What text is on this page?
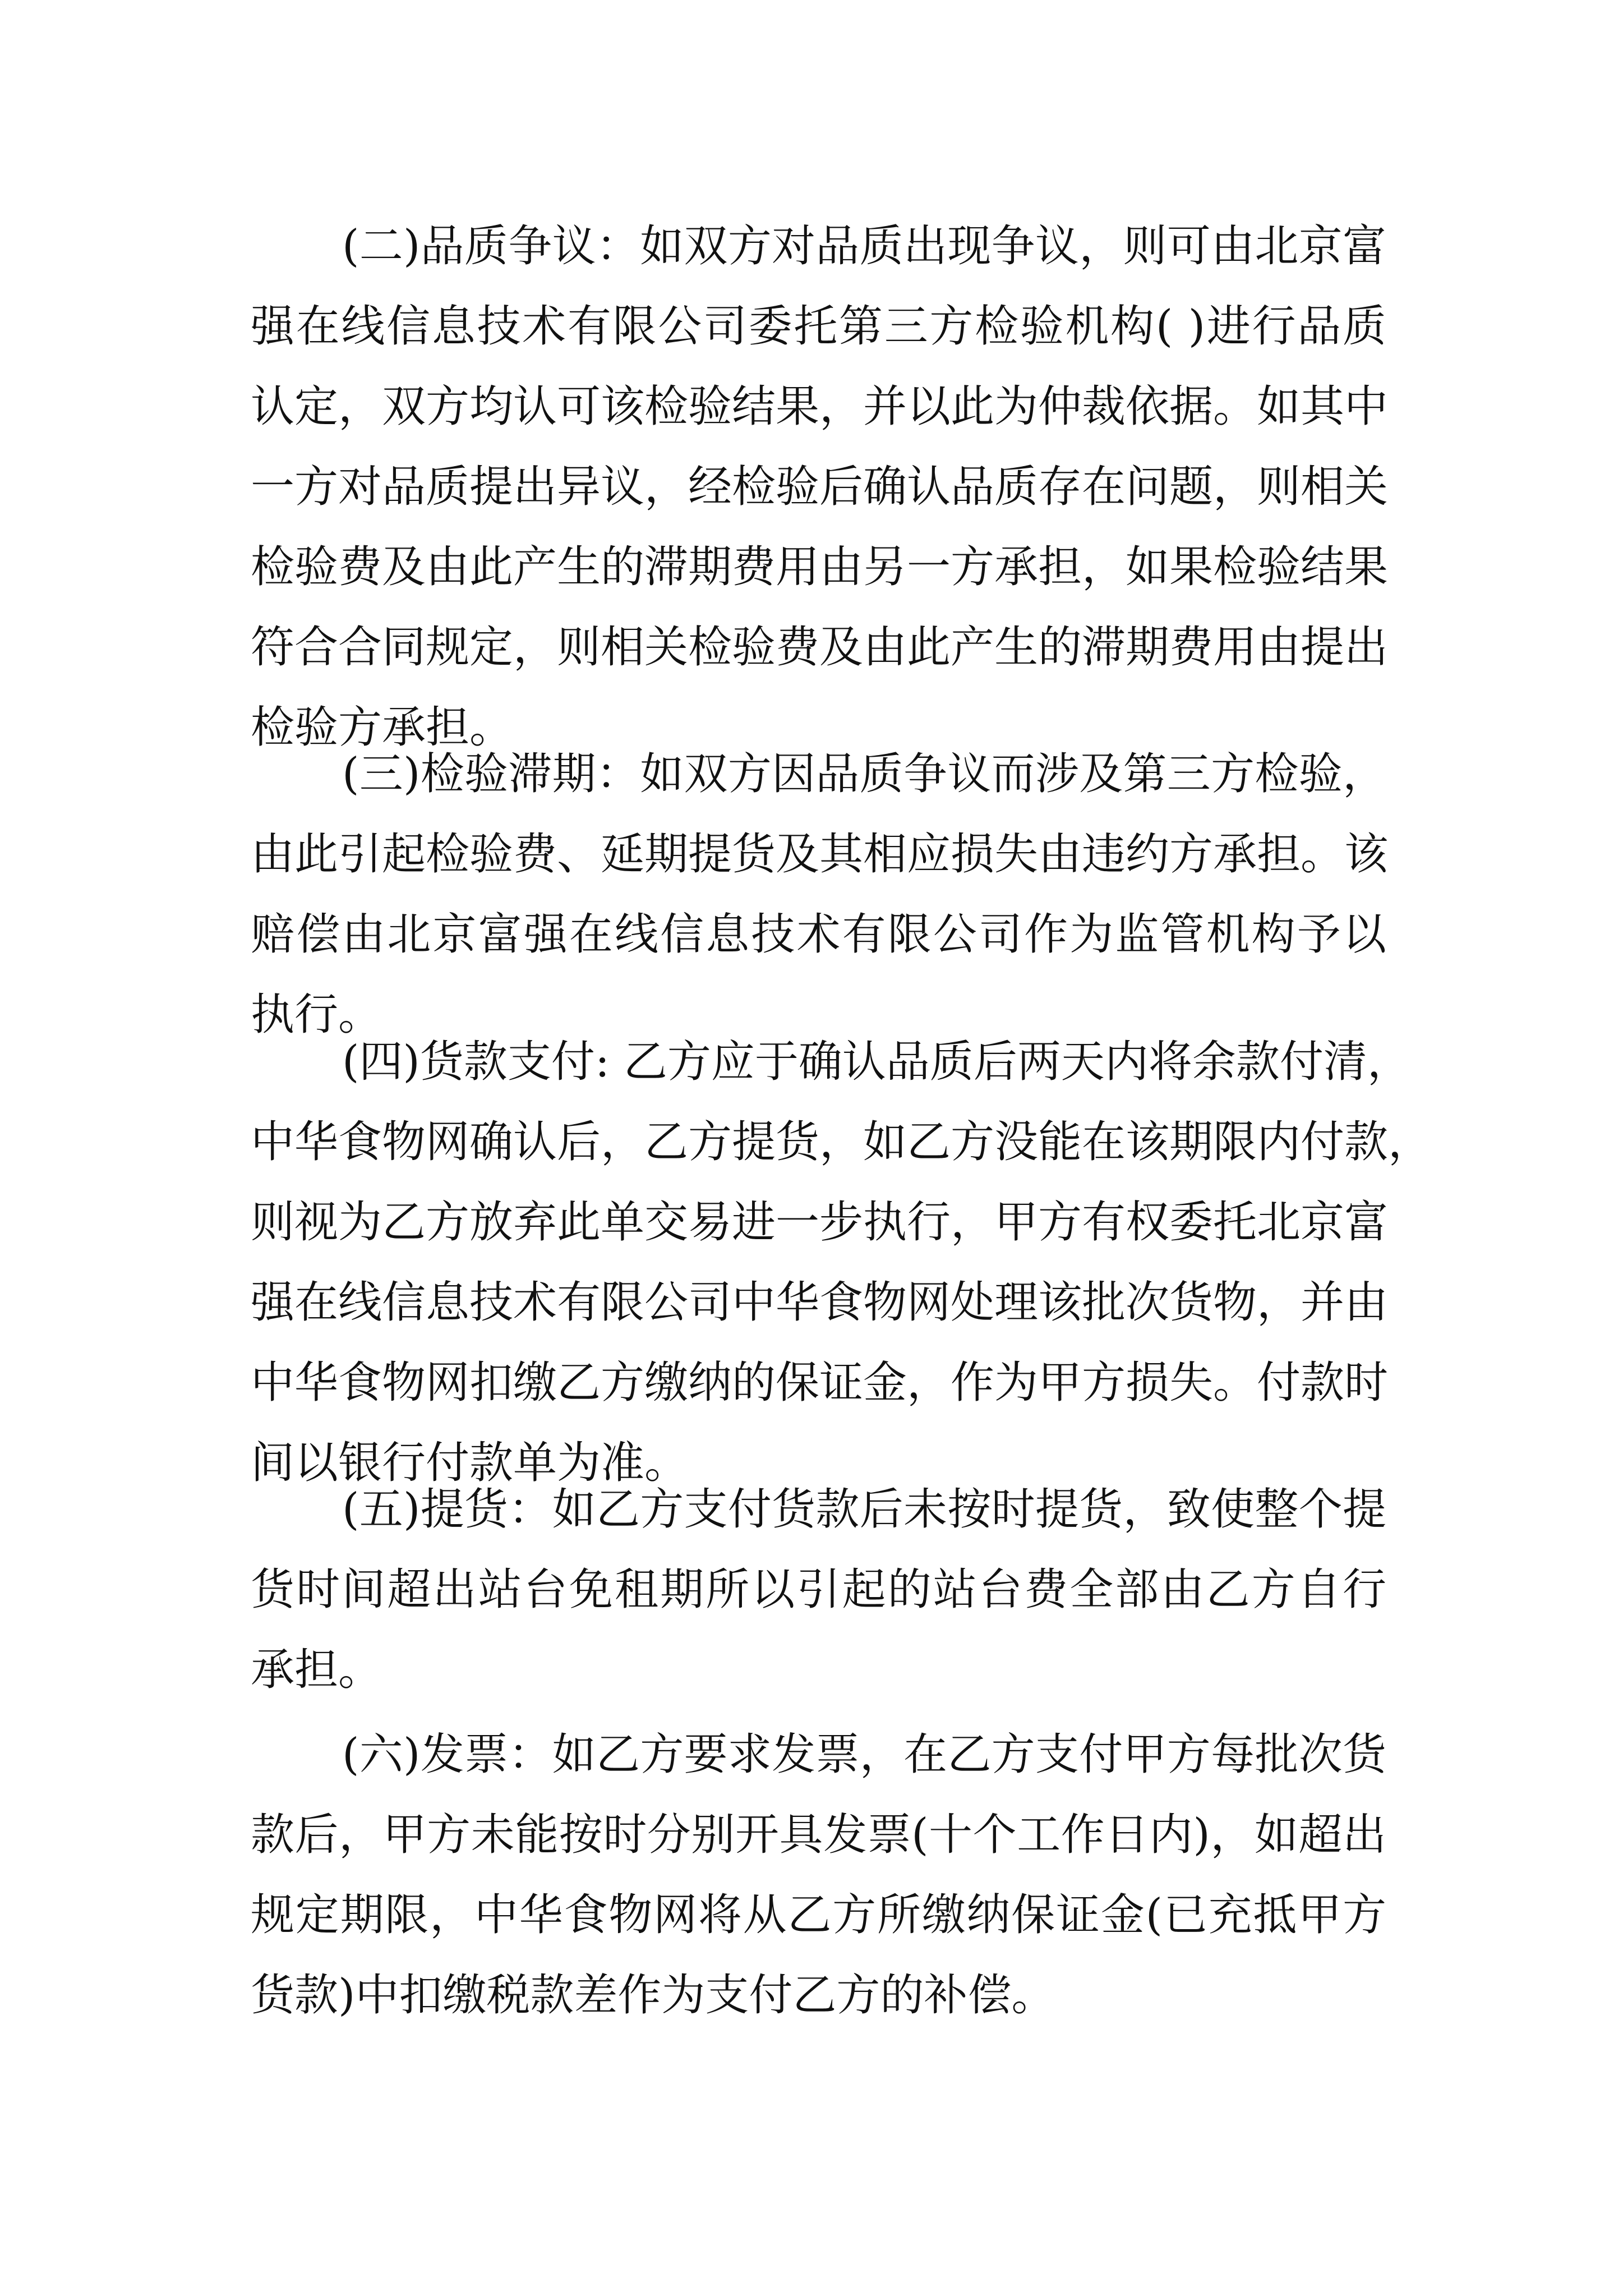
(二)品质争议：如双方对品质出现争议，则可由北京富
强在线信息技术有限公司委托第三方检验机构( )进行品质
认定，双方均认可该检验结果，并以此为仲裁依据。如其中
一方对品质提出异议，经检验后确认品质存在问题，则相关
检验费及由此产生的滞期费用由另一方承担，如果检验结果
符合合同规定，则相关检验费及由此产生的滞期费用由提出
检验方承担。
(三)检验滞期：如双方因品质争议而涉及第三方检验，
由此引起检验费、延期提货及其相应损失由违约方承担。该
赔偿由北京富强在线信息技术有限公司作为监管机构予以
执行。
(四)货款支付: 乙方应于确认品质后两天内将余款付清，
中华食物网确认后，乙方提货，如乙方没能在该期限内付款，
则视为乙方放弃此单交易进一步执行，甲方有权委托北京富
强在线信息技术有限公司中华食物网处理该批次货物，并由
中华食物网扣缴乙方缴纳的保证金，作为甲方损失。付款时
间以银行付款单为准。
(五)提货：如乙方支付货款后未按时提货，致使整个提
货时间超出站台免租期所以引起的站台费全部由乙方自行
承担。
(六)发票：如乙方要求发票，在乙方支付甲方每批次货
款后，甲方未能按时分别开具发票(十个工作日内)，如超出
规定期限，中华食物网将从乙方所缴纳保证金(已充抵甲方
货款)中扣缴税款差作为支付乙方的补偿。
